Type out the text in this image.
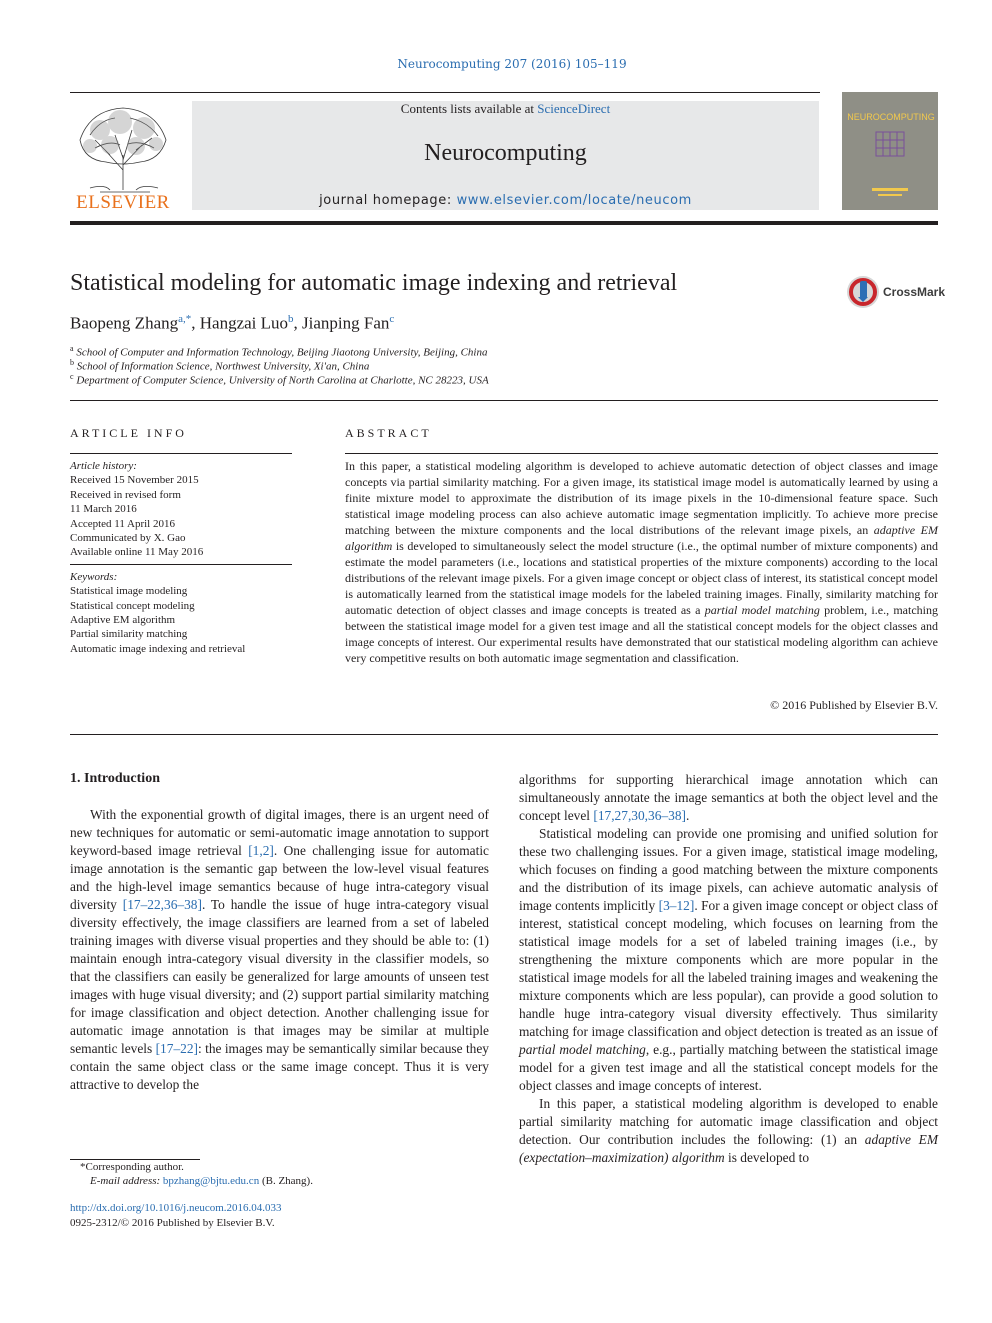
Neurocomputing 207 (2016) 105–119
ELSEVIER
Contents lists available at ScienceDirect
Neurocomputing
journal homepage: www.elsevier.com/locate/neucom
NEUROCOMPUTING
Statistical modeling for automatic image indexing and retrieval	CrossMark
Baopeng Zhang$^{a,*}$, Hangzai Luo$^b$, Jianping Fan$^c$
$^a$ School of Computer and Information Technology, Beijing Jiaotong University, Beijing, China
$^b$ School of Information Science, Northwest University, Xi'an, China
$^c$ Department of Computer Science, University of North Carolina at Charlotte, NC 28223, USA
ARTICLE INFO
Article history:
Received 15 November 2015
Received in revised form
11 March 2016
Accepted 11 April 2016
Communicated by X. Gao
Available online 11 May 2016
Keywords:
Statistical image modeling
Statistical concept modeling
Adaptive EM algorithm
Partial similarity matching
Automatic image indexing and retrieval
ABSTRACT
In this paper, a statistical modeling algorithm is developed to achieve automatic detection of object classes and image concepts via partial similarity matching. For a given image, its statistical image model is automatically learned by using a finite mixture model to approximate the distribution of its image pixels in the 10-dimensional feature space. Such statistical image modeling process can also achieve automatic image segmentation implicitly. To achieve more precise matching between the mixture components and the local distributions of the relevant image pixels, an adaptive EM algorithm is developed to simultaneously select the model structure (i.e., the optimal number of mixture components) and estimate the model parameters (i.e., locations and statistical properties of the mixture components) according to the local distributions of the relevant image pixels. For a given image concept or object class of interest, its statistical concept model is automatically learned from the statistical image models for the labeled training images. Finally, similarity matching for automatic detection of object classes and image concepts is treated as a partial model matching problem, i.e., matching between the statistical image model for a given test image and all the statistical concept models for the object classes and image concepts of interest. Our experimental results have demonstrated that our statistical modeling algorithm can achieve very competitive results on both automatic image segmentation and classification.
© 2016 Published by Elsevier B.V.
1. Introduction

With the exponential growth of digital images, there is an urgent need of new techniques for automatic or semi-automatic image annotation to support keyword-based image retrieval [1,2]. One challenging issue for automatic image annotation is the semantic gap between the low-level visual features and the high-level image semantics because of huge intra-category visual diversity [17–22,36–38]. To handle the issue of huge intra-category visual diversity effectively, the image classifiers are learned from a set of labeled training images with diverse visual properties and they should be able to: (1) maintain enough intra-category visual diversity in the classifier models, so that the classifiers can easily be generalized for large amounts of unseen test images with huge visual diversity; and (2) support partial similarity matching for image classification and object detection. Another challenging issue for automatic image annotation is that images may be similar at multiple semantic levels [17–22]: the images may be semantically similar because they contain the same object class or the same image concept. Thus it is very attractive to develop the

algorithms for supporting hierarchical image annotation which can simultaneously annotate the image semantics at both the object level and the concept level [17,27,30,36–38].

Statistical modeling can provide one promising and unified solution for these two challenging issues. For a given image, statistical image modeling, which focuses on finding a good matching between the mixture components and the distribution of its image pixels, can achieve automatic analysis of image contents implicitly [3–12]. For a given image concept or object class of interest, statistical concept modeling, which focuses on learning from the statistical image models for a set of labeled training images (i.e., by strengthening the mixture components which are more popular in the statistical image models for all the labeled training images and weakening the mixture components which are less popular), can provide a good solution to handle huge intra-category visual diversity effectively. Thus similarity matching for image classification and object detection is treated as an issue of partial model matching, e.g., partially matching between the statistical image model for a given test image and all the statistical concept models for the object classes and image concepts of interest.

In this paper, a statistical modeling algorithm is developed to enable partial similarity matching for automatic image classification and object detection. Our contribution includes the following: (1) an adaptive EM (expectation–maximization) algorithm is developed to

*Corresponding author.
E-mail address: bpzhang@bjtu.edu.cn (B. Zhang).
http://dx.doi.org/10.1016/j.neucom.2016.04.033
0925-2312/© 2016 Published by Elsevier B.V.
